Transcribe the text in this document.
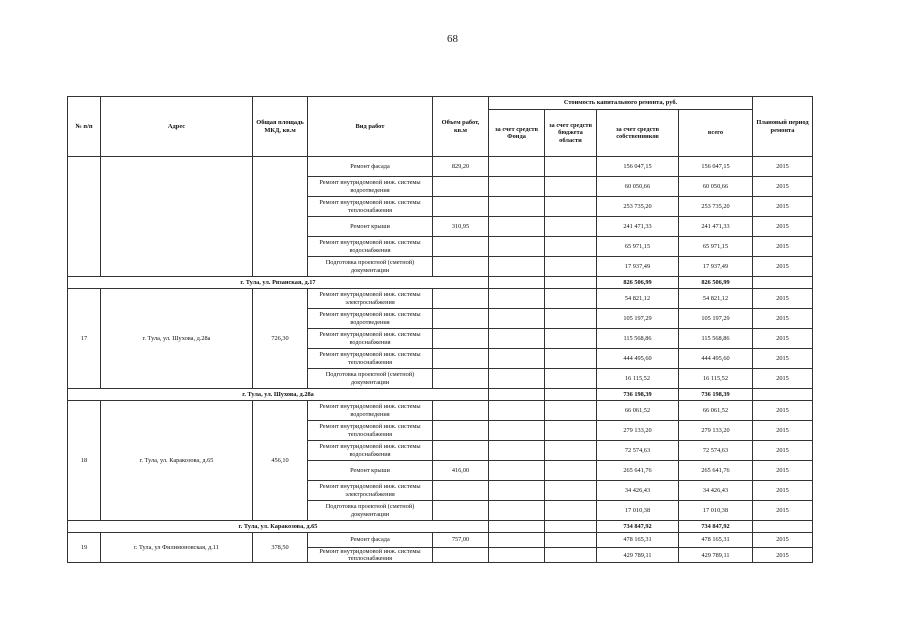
68
№ п/п	Адрес	Общая площадь МКД, кв.м	Вид работ	Объем работ, кв.м	Стоимость капитального ремонта, руб.				Плановый период ремонта
					за счет средств Фонда	за счет средств бюджета области	за счет средств собственников	всего	
			Ремонт фасада	829,20			156 047,15	156 047,15	2015
			Ремонт внутридомовой инж. системы водоотведения				60 050,66	60 050,66	2015
			Ремонт внутридомовой инж. системы теплоснабжения				253 735,20	253 735,20	2015
			Ремонт крыши	310,95			241 471,33	241 471,33	2015
			Ремонт внутридомовой инж. системы водоснабжения				65 971,15	65 971,15	2015
			Подготовка проектной (сметной) документации				17 937,49	17 937,49	2015
г. Тула, ул. Рязанская, д.17							826 506,99	826 506,99	
17	г. Тула, ул. Шухова, д.28а	726,30	Ремонт внутридомовой инж. системы электроснабжения				54 821,12	54 821,12	2015
			Ремонт внутридомовой инж. системы водоотведения				105 197,29	105 197,29	2015
			Ремонт внутридомовой инж. системы водоснабжения				115 568,86	115 568,86	2015
			Ремонт внутридомовой инж. системы теплоснабжения				444 495,60	444 495,60	2015
			Подготовка проектной (сметной) документации				16 115,52	16 115,52	2015
г. Тула, ул. Шухова, д.28а							736 198,39	736 198,39	
18	г. Тула, ул. Каракозова, д.65	456,10	Ремонт внутридомовой инж. системы водоотведения				66 061,52	66 061,52	2015
			Ремонт внутридомовой инж. системы теплоснабжения				279 133,20	279 133,20	2015
			Ремонт внутридомовой инж. системы водоснабжения				72 574,63	72 574,63	2015
			Ремонт крыши	416,00			265 641,76	265 641,76	2015
			Ремонт внутридомовой инж. системы электроснабжения				34 426,43	34 426,43	2015
			Подготовка проектной (сметной) документации				17 010,38	17 010,38	2015
г. Тула, ул. Каракозова, д.65							734 847,92	734 847,92	
19	г. Тула, ул Филимоновская, д.11	378,50	Ремонт фасада	757,00			478 165,31	478 165,31	2015
			Ремонт внутридомовой инж. системы теплоснабжения				429 789,11	429 789,11	2015
